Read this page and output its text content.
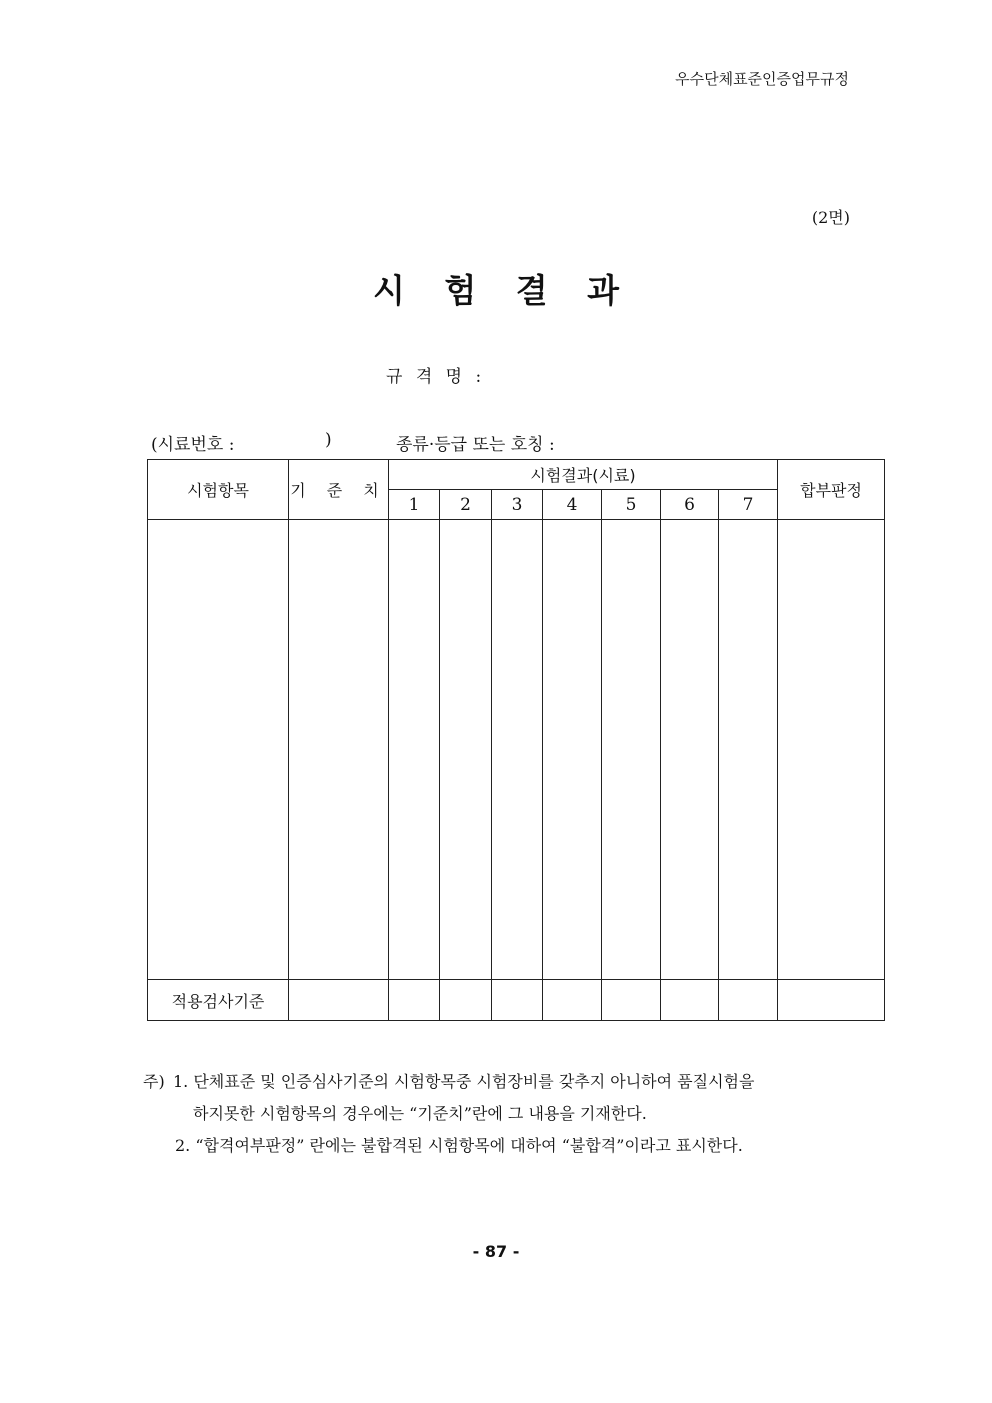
우수단체표준인증업무규정
(2면)
시 험 결 과
규 격 명 :
(시료번호 :	)	종류·등급 또는 호칭 :
시험항목	기 준 치	시험결과(시료)							합부판정
		1	2	3	4	5	6	7	

적용검사기준									
주) 1. 단체표준 및 인증심사기준의 시험항목중 시험장비를 갖추지 아니하여 품질시험을
하지못한 시험항목의 경우에는 “기준치”란에 그 내용을 기재한다.
2. “합격여부판정” 란에는 불합격된 시험항목에 대하여 “불합격”이라고 표시한다.
- 87 -
